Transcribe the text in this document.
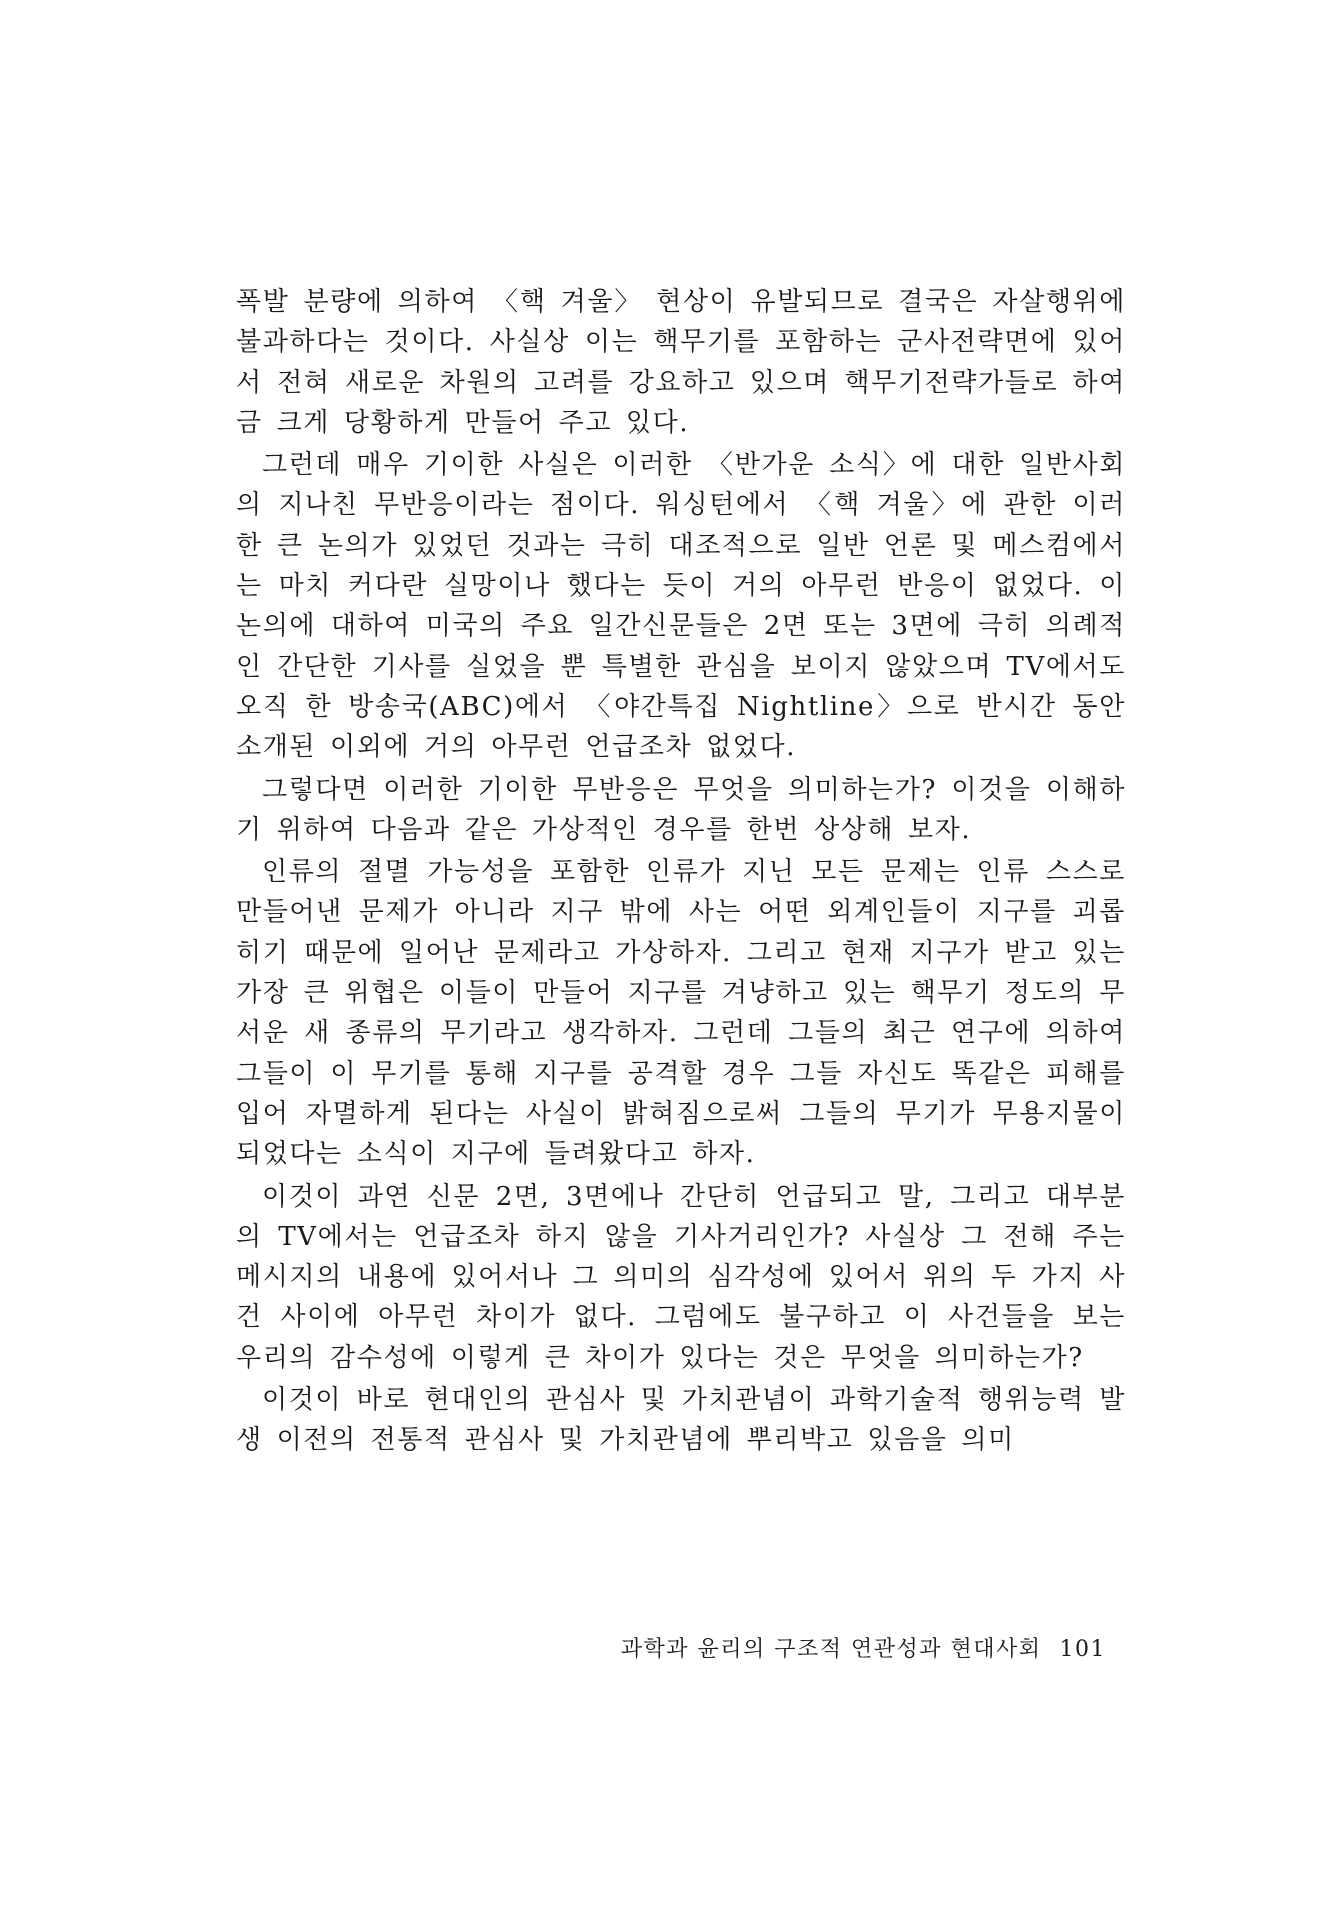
폭발 분량에 의하여 〈핵 겨울〉 현상이 유발되므로 결국은 자살행위에 불과하다는 것이다. 사실상 이는 핵무기를 포함하는 군사전략면에 있어서 전혀 새로운 차원의 고려를 강요하고 있으며 핵무기전략가들로 하여금 크게 당황하게 만들어 주고 있다.

그런데 매우 기이한 사실은 이러한 〈반가운 소식〉에 대한 일반사회의 지나친 무반응이라는 점이다. 워싱턴에서 〈핵 겨울〉에 관한 이러한 큰 논의가 있었던 것과는 극히 대조적으로 일반 언론 및 메스컴에서는 마치 커다란 실망이나 했다는 듯이 거의 아무런 반응이 없었다. 이 논의에 대하여 미국의 주요 일간신문들은 2면 또는 3면에 극히 의례적인 간단한 기사를 실었을 뿐 특별한 관심을 보이지 않았으며 TV에서도 오직 한 방송국(ABC)에서 〈야간특집 Nightline〉으로 반시간 동안 소개된 이외에 거의 아무런 언급조차 없었다.

그렇다면 이러한 기이한 무반응은 무엇을 의미하는가? 이것을 이해하기 위하여 다음과 같은 가상적인 경우를 한번 상상해 보자.

인류의 절멸 가능성을 포함한 인류가 지닌 모든 문제는 인류 스스로 만들어낸 문제가 아니라 지구 밖에 사는 어떤 외계인들이 지구를 괴롭히기 때문에 일어난 문제라고 가상하자. 그리고 현재 지구가 받고 있는 가장 큰 위협은 이들이 만들어 지구를 겨냥하고 있는 핵무기 정도의 무서운 새 종류의 무기라고 생각하자. 그런데 그들의 최근 연구에 의하여 그들이 이 무기를 통해 지구를 공격할 경우 그들 자신도 똑같은 피해를 입어 자멸하게 된다는 사실이 밝혀짐으로써 그들의 무기가 무용지물이 되었다는 소식이 지구에 들려왔다고 하자.

이것이 과연 신문 2면, 3면에나 간단히 언급되고 말, 그리고 대부분의 TV에서는 언급조차 하지 않을 기사거리인가? 사실상 그 전해 주는 메시지의 내용에 있어서나 그 의미의 심각성에 있어서 위의 두 가지 사건 사이에 아무런 차이가 없다. 그럼에도 불구하고 이 사건들을 보는 우리의 감수성에 이렇게 큰 차이가 있다는 것은 무엇을 의미하는가?

이것이 바로 현대인의 관심사 및 가치관념이 과학기술적 행위능력 발생 이전의 전통적 관심사 및 가치관념에 뿌리박고 있음을 의미

과학과 윤리의 구조적 연관성과 현대사회 101
